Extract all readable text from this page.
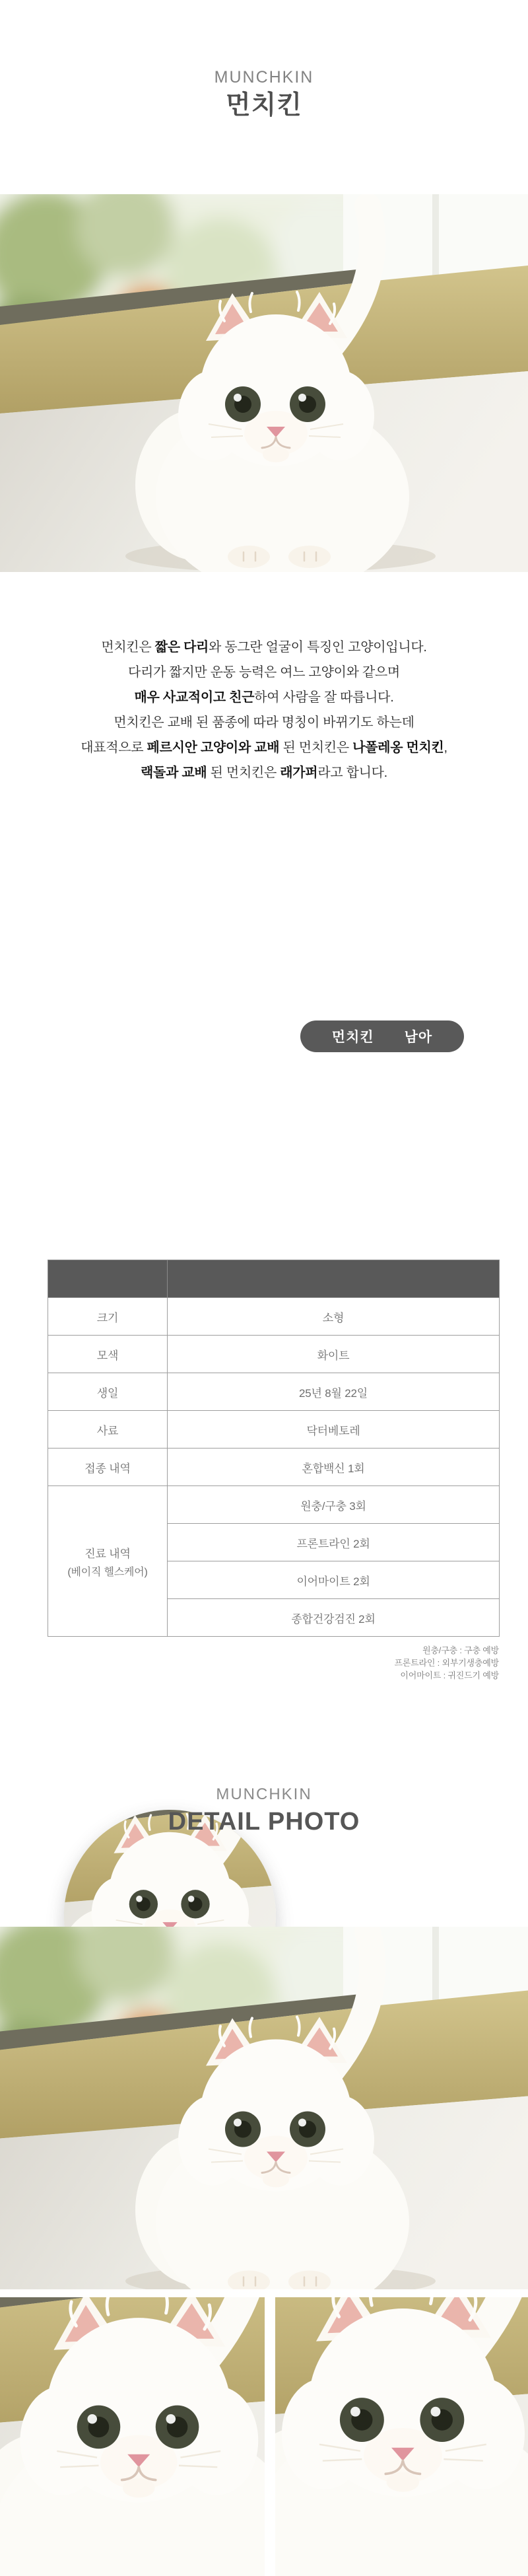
MUNCHKIN
먼치킨

먼치킨은 짧은 다리와 동그란 얼굴이 특징인 고양이입니다.

다리가 짧지만 운동 능력은 여느 고양이와 같으며

매우 사교적이고 친근하여 사람을 잘 따릅니다.

먼치킨은 교배 된 품종에 따라 명칭이 바뀌기도 하는데

대표적으로 페르시안 고양이와 교배 된 먼치킨은 나폴레옹 먼치킨,

랙돌과 교배 된 먼치킨은 래가퍼라고 합니다.

먼치킨 남아

크기	소형
모색	화이트
생일	25년 8월 22일
사료	닥터베토레
접종 내역	혼합백신 1회
진료 내역
(베이직 헬스케어)	원충/구충 3회
	프론트라인 2회
	이어마이트 2회
	종합건강검진 2회
원충/구충 : 구충 예방
프론트라인 : 외부기생충예방
이어마이트 : 귀진드기 예방
MUNCHKIN
DETAIL PHOTO
